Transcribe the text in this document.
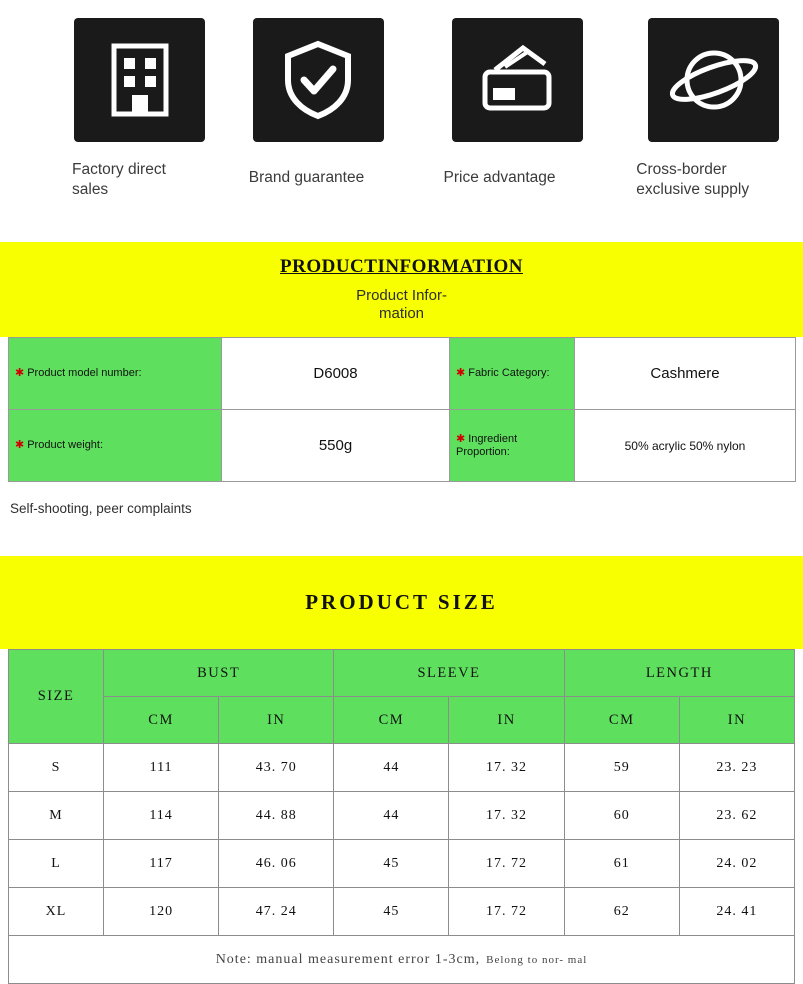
Factory direct sales
Brand guarantee	Price advantage	Cross-border exclusive supply
PRODUCTINFORMATION
Product Infor- mation
✱ Product model number:	D6008	✱ Fabric Category:	Cashmere
✱ Product weight:	550g	✱ Ingredient Proportion:	50% acrylic 50% nylon
Self-shooting, peer complaints
PRODUCT SIZE
SIZE	BUST		SLEEVE		LENGTH	
	CM	IN	CM	IN	CM	IN
S	111	43. 70	44	17. 32	59	23. 23
M	114	44. 88	44	17. 32	60	23. 62
L	117	46. 06	45	17. 72	61	24. 02
XL	120	47. 24	45	17. 72	62	24. 41

Note: manual measurement error 1-3cm, Belong to nor- mal						
